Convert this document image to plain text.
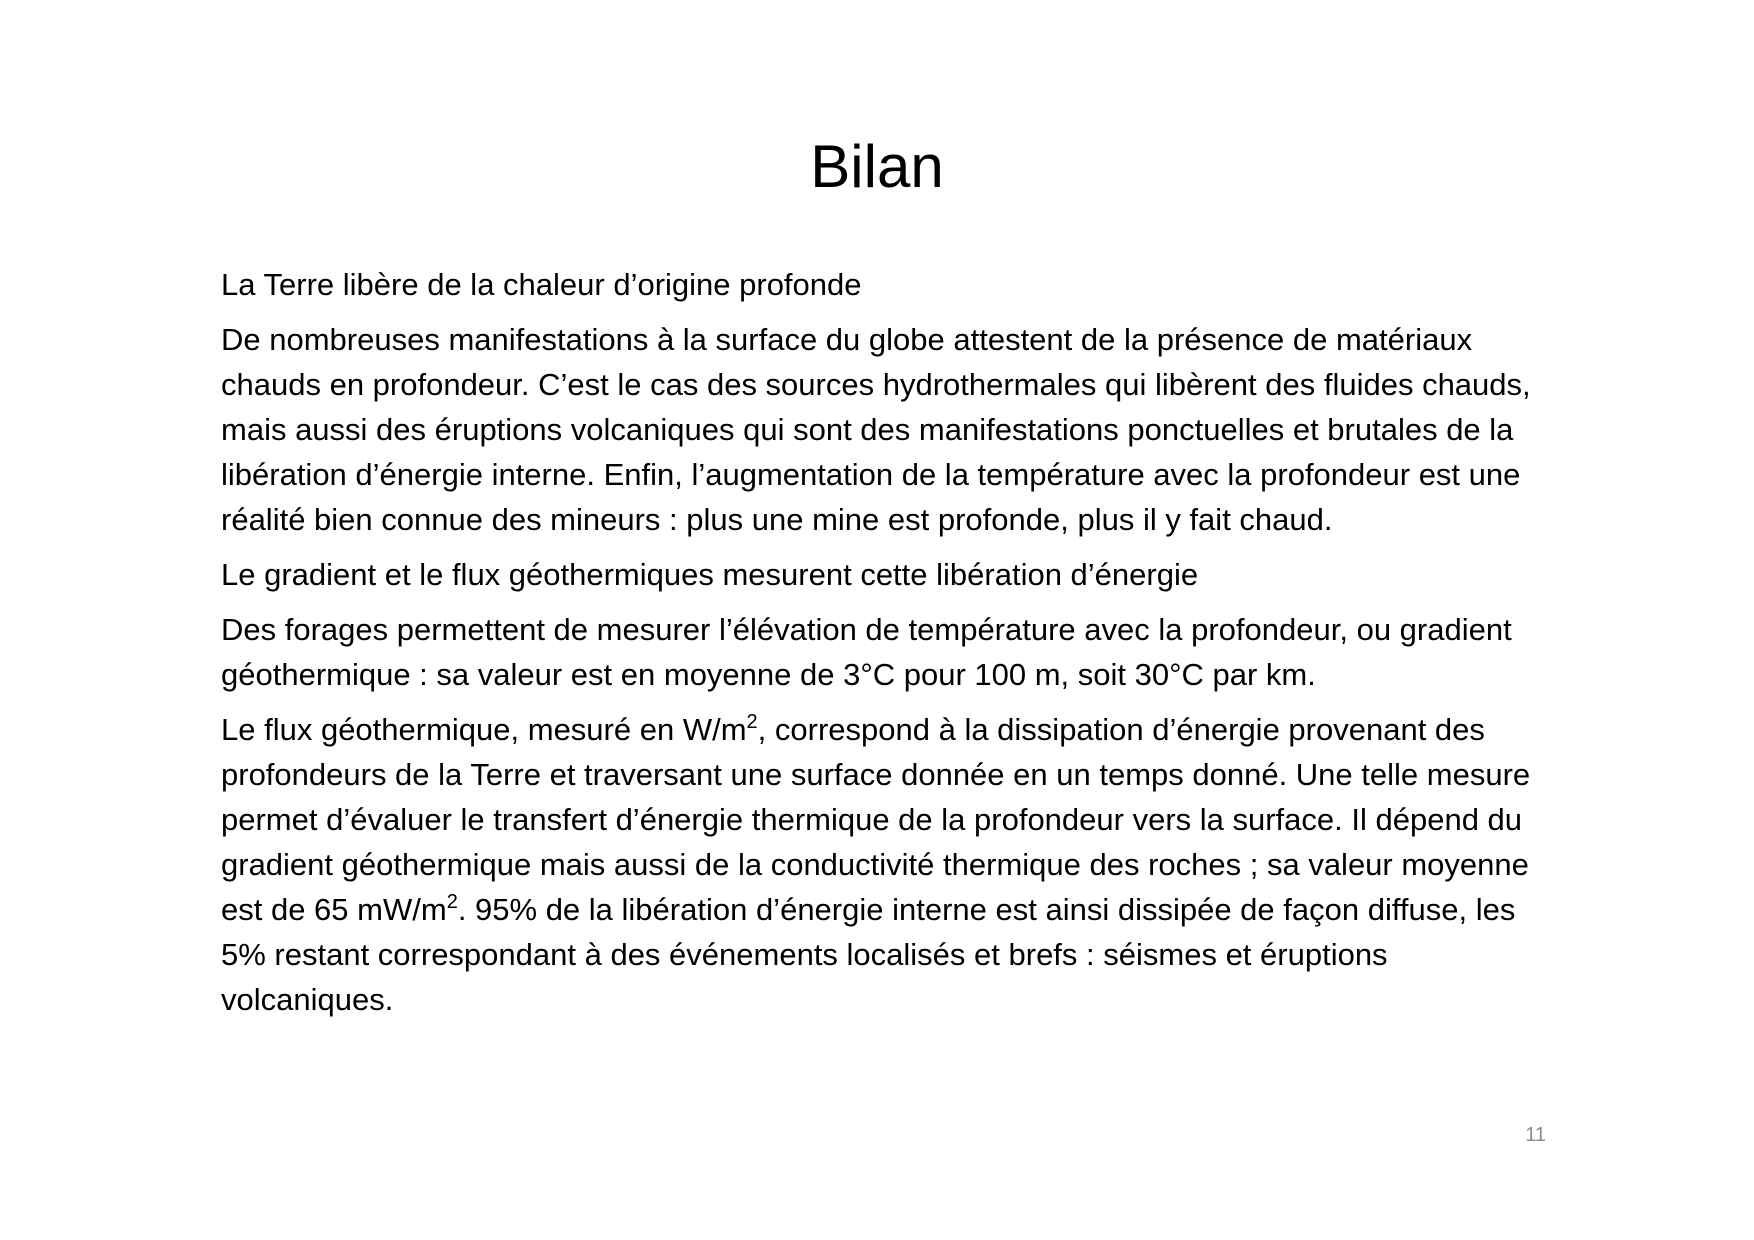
Bilan

La Terre libère de la chaleur d’origine profonde

De nombreuses manifestations à la surface du globe attestent de la présence de matériaux chauds en profondeur. C’est le cas des sources hydrothermales qui libèrent des fluides chauds, mais aussi des éruptions volcaniques qui sont des manifestations ponctuelles et brutales de la libération d’énergie interne. Enfin, l’augmentation de la température avec la profondeur est une réalité bien connue des mineurs : plus une mine est profonde, plus il y fait chaud.

Le gradient et le flux géothermiques mesurent cette libération d’énergie

Des forages permettent de mesurer l’élévation de température avec la profondeur, ou gradient géothermique : sa valeur est en moyenne de 3°C pour 100 m, soit 30°C par km.

Le flux géothermique, mesuré en $W/m^2$, correspond à la dissipation d’énergie provenant des profondeurs de la Terre et traversant une surface donnée en un temps donné. Une telle mesure permet d’évaluer le transfert d’énergie thermique de la profondeur vers la surface. Il dépend du gradient géothermique mais aussi de la conductivité thermique des roches ; sa valeur moyenne est de 65 $mW/m^2$. 95% de la libération d’énergie interne est ainsi dissipée de façon diffuse, les 5% restant correspondant à des événements localisés et brefs : séismes et éruptions volcaniques.

11
